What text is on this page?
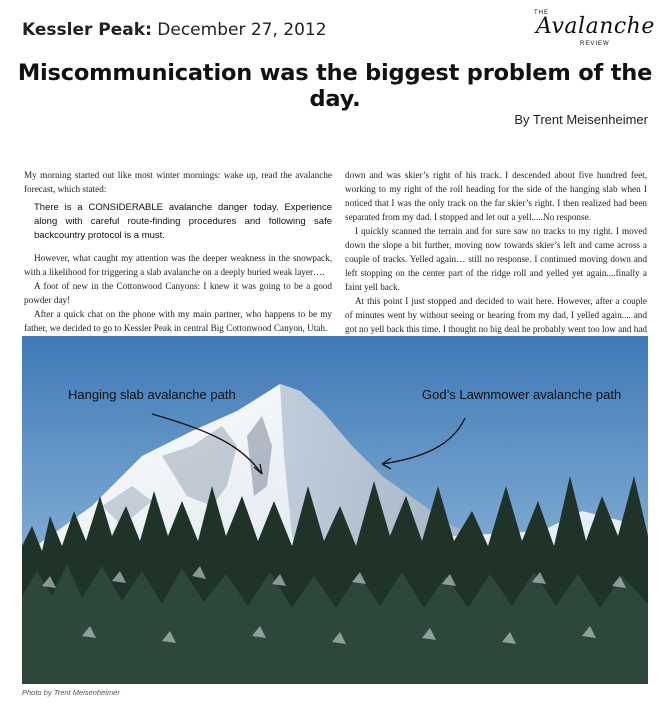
Kessler Peak: December 27, 2012
THE
Avalanche
REVIEW
Miscommunication was the biggest problem of the day.
By Trent Meisenheimer

My morning started out like most winter mornings: wake up, read the avalanche forecast, which stated:

There is a CONSIDERABLE avalanche danger today. Experience along with careful route-finding procedures and following safe backcountry protocol is a must.

However, what caught my attention was the deeper weakness in the snowpack, with a likelihood for triggering a slab avalanche on a deeply buried weak layer….

A foot of new in the Cottonwood Canyons: I knew it was going to be a good powder day!

After a quick chat on the phone with my main partner, who happens to be my father, we decided to go to Kessler Peak in central Big Cottonwood Canyon, Utah.

down and was skier’s right of his track. I descended about five hundred feet, working to my right of the roll heading for the side of the hanging slab when I noticed that I was the only track on the far skier’s right. I then realized had been separated from my dad. I stopped and let out a yell.....No response.

I quickly scanned the terrain and for sure saw no tracks to my right. I moved down the slope a bit further, moving now towards skier’s left and came across a couple of tracks. Yelled again… still no response. I continued moving down and left stopping on the center part of the ridge roll and yelled yet again....finally a faint yell back.

At this point I just stopped and decided to wait here. However, after a couple of minutes went by without seeing or hearing from my dad, I yelled again.... and got no yell back this time. I thought no big deal he probably went too low and had

Hanging slab avalanche path	God’s Lawnmower avalanche path
Photo by Trent Meisenheimer
